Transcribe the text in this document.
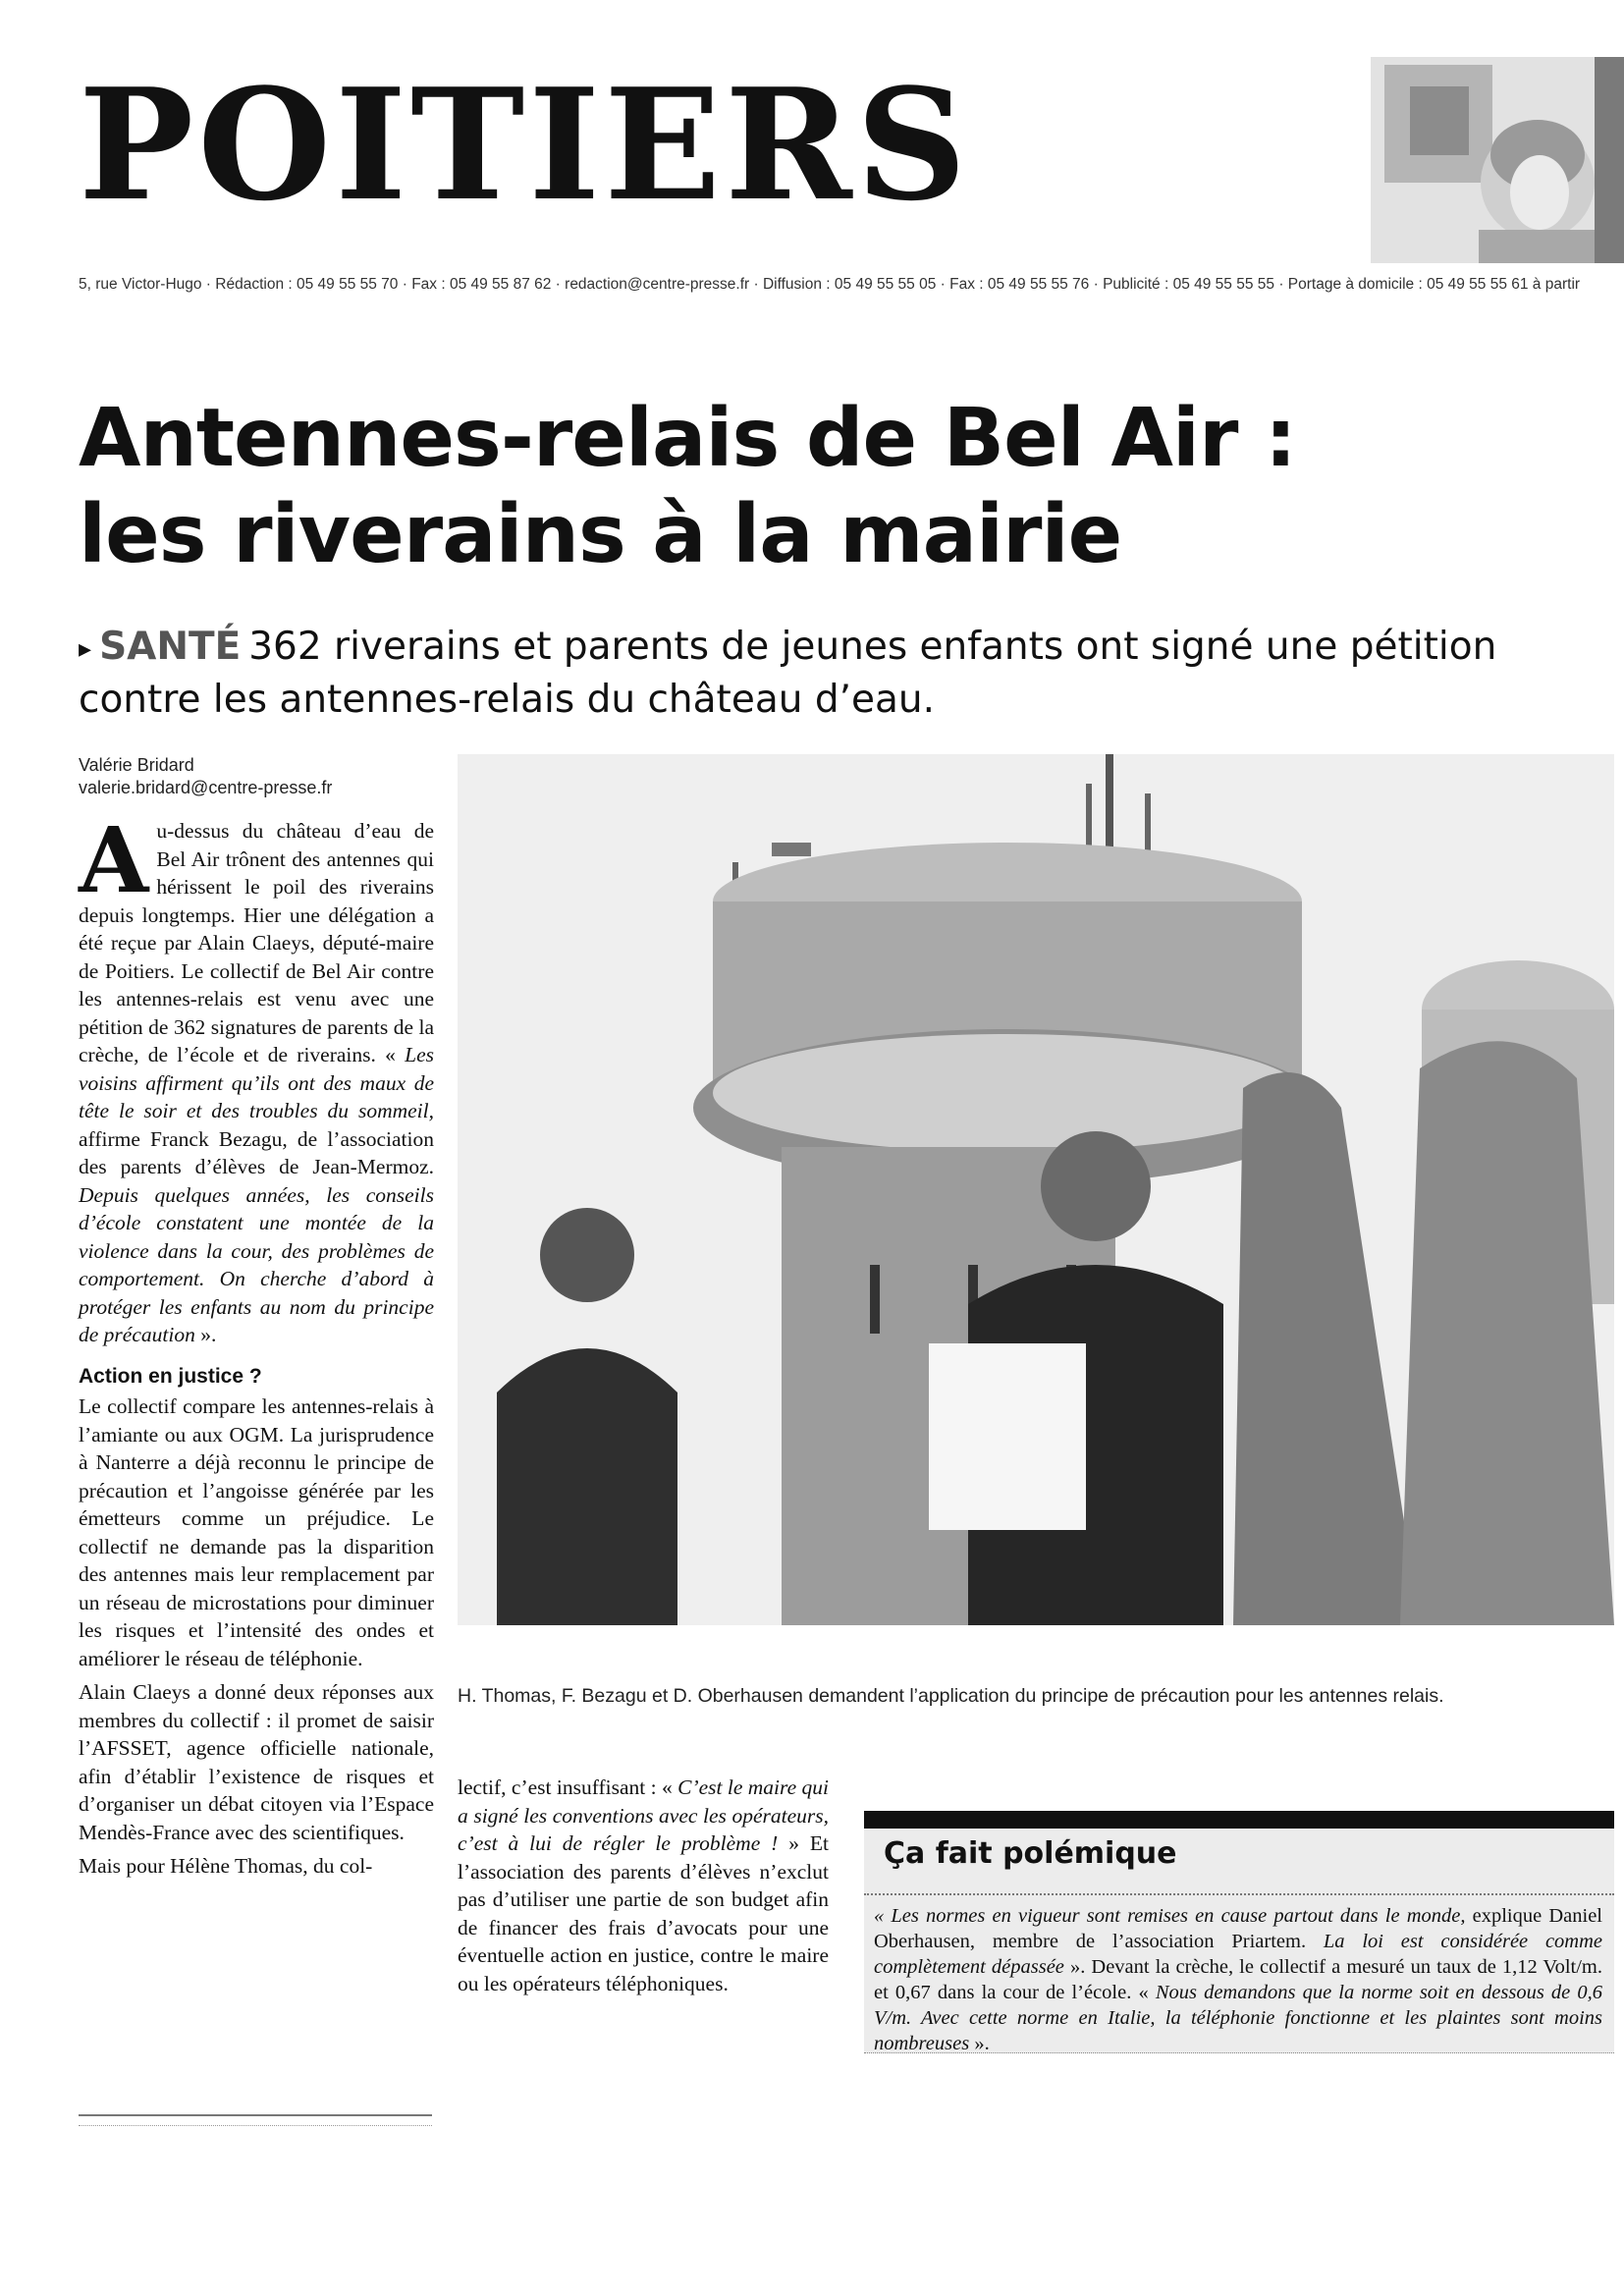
POITIERS
5, rue Victor-Hugo · Rédaction : 05 49 55 55 70 · Fax : 05 49 55 87 62 · redaction@centre-presse.fr · Diffusion : 05 49 55 55 05 · Fax : 05 49 55 55 76 · Publicité : 05 49 55 55 55 · Portage à domicile : 05 49 55 55 61 à partir
Antennes-relais de Bel Air :
les riverains à la mairie
▸ SANTÉ 362 riverains et parents de jeunes enfants ont signé une pétition contre les antennes-relais du château d’eau.
Valérie Bridard
valerie.bridard@centre-presse.fr

Au-dessus du château d’eau de Bel Air trônent des antennes qui hérissent le poil des riverains depuis longtemps. Hier une délégation a été reçue par Alain Claeys, député-maire de Poitiers. Le collectif de Bel Air contre les antennes-relais est venu avec une pétition de 362 signatures de parents de la crèche, de l’école et de riverains. « Les voisins affirment qu’ils ont des maux de tête le soir et des troubles du sommeil, affirme Franck Bezagu, de l’association des parents d’élèves de Jean-Mermoz. Depuis quelques années, les conseils d’école constatent une montée de la violence dans la cour, des problèmes de comportement. On cherche d’abord à protéger les enfants au nom du principe de précaution ».

Action en justice ?

Le collectif compare les antennes-relais à l’amiante ou aux OGM. La jurisprudence à Nanterre a déjà reconnu le principe de précaution et l’angoisse générée par les émetteurs comme un préjudice. Le collectif ne demande pas la disparition des antennes mais leur remplacement par un réseau de microstations pour diminuer les risques et l’intensité des ondes et améliorer le réseau de téléphonie.

Alain Claeys a donné deux réponses aux membres du collectif : il promet de saisir l’AFSSET, agence officielle nationale, afin d’établir l’existence de risques et d’organiser un débat citoyen via l’Espace Mendès-France avec des scientifiques.

Mais pour Hélène Thomas, du col-

H. Thomas, F. Bezagu et D. Oberhausen demandent l’application du principe de précaution pour les antennes relais.

lectif, c’est insuffisant : « C’est le maire qui a signé les conventions avec les opérateurs, c’est à lui de régler le problème ! » Et l’association des parents d’élèves n’exclut pas d’utiliser une partie de son budget afin de financer des frais d’avocats pour une éventuelle action en justice, contre le maire ou les opérateurs téléphoniques.

Ça fait polémique
« Les normes en vigueur sont remises en cause partout dans le monde, explique Daniel Oberhausen, membre de l’association Priartem. La loi est considérée comme complètement dépassée ». Devant la crèche, le collectif a mesuré un taux de 1,12 Volt/m. et 0,67 dans la cour de l’école. « Nous demandons que la norme soit en dessous de 0,6 V/m. Avec cette norme en Italie, la téléphonie fonctionne et les plaintes sont moins nombreuses ».
